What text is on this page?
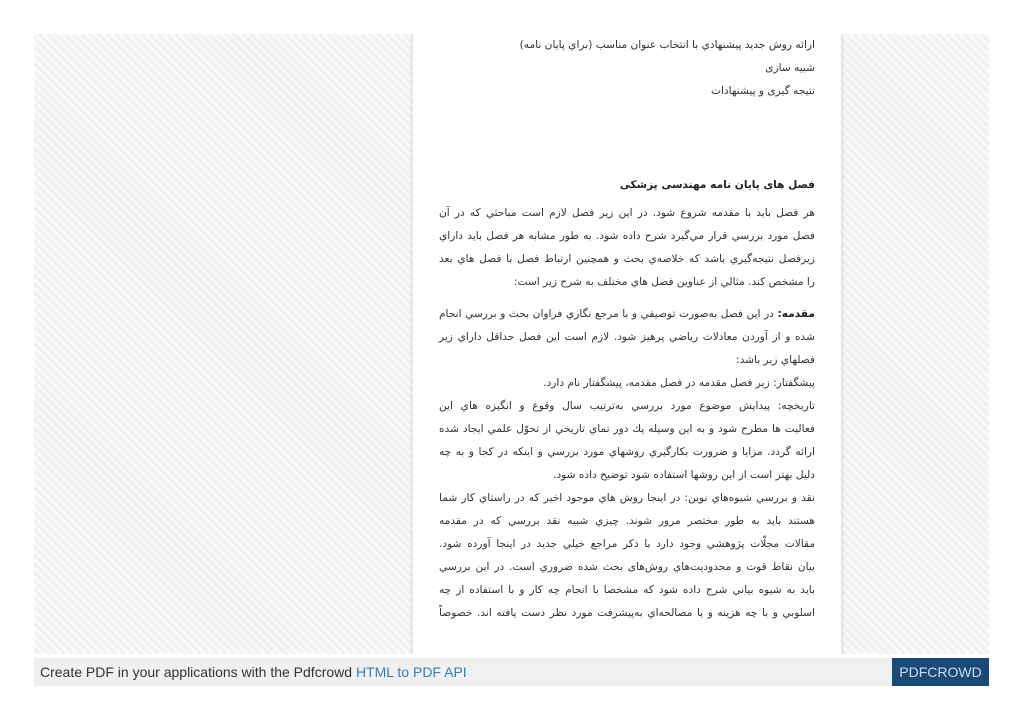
ارائه روش جديد پيشنهادي با انتخاب عنوان مناسب (براي پايان نامه)

شبيه سازی

نتيجه گيری و پيشنهادات

فصل های پايان نامه مهندسی پزشكی

هر فصل بايد با مقدمه شروع شود. در اين زير فصل لازم است مباحثي كه در آن

فصل مورد بررسي قرار مي‌گيرد شرح داده شود. به طور مشابه هر فصل بايد داراي

زيرفصل نتيجه‌گيري باشد كه خلاصه‌ي بحث و همچنين ارتباط فصل با فصل هاي بعد

را مشخص كند. مثالي از عناوين فصل هاي مختلف به شرح زير است:

مقدمه: در اين فصل به‌صورت توصيفي و با مرجع نگاري فراوان بحث و بررسي انجام

شده و از آوردن معادلات رياضي پرهيز شود. لازم است اين فصل حداقل داراي زير

فصلهاي زير باشد:

پيشگفتار: زير فصل مقدمه در فصل مقدمه، پيشگفتار نام دارد.

تاريخچه: پيدايش موضوع مورد بررسي به‌ترتيب سال وقوع و انگيزه هاي اين

فعاليت ها مطرح شود و به اين وسيله يك دور نماي تاريخي از تحوّل علمي ايجاد شده

ارائه گردد. مزايا و ضرورت بكارگيري روشهاي مورد بررسي و اينكه در كجا و به چه

دليل بهتر است از اين روشها استفاده شود توضيح داده شود.

نقد و بررسي شيوه‌هاي نوين: در اينجا روش هاي موجود اخير كه در راستاي كار شما

هستند بايد به طور مختصر مرور شوند. چيزي شبيه نقد بررسي كه در مقدمه

مقالات مجلّات پژوهشي وجود دارد با ذكر مراجع خيلي جديد در اينجا آورده شود.

بيان نقاط قوت و محدوديت‌هاي روش‌های بحث شده ضروري است. در اين بررسي

بايد به شيوه بياني شرح داده شود كه مشخصا با انجام چه كار و با استفاده از چه

اسلوبي و با چه هزينه و يا مصالحه‌اي به‌پيشرفت مورد نظر دست يافته اند. خصوصاً

Create PDF in your applications with the Pdfcrowd HTML to PDF API	PDFCROWD
